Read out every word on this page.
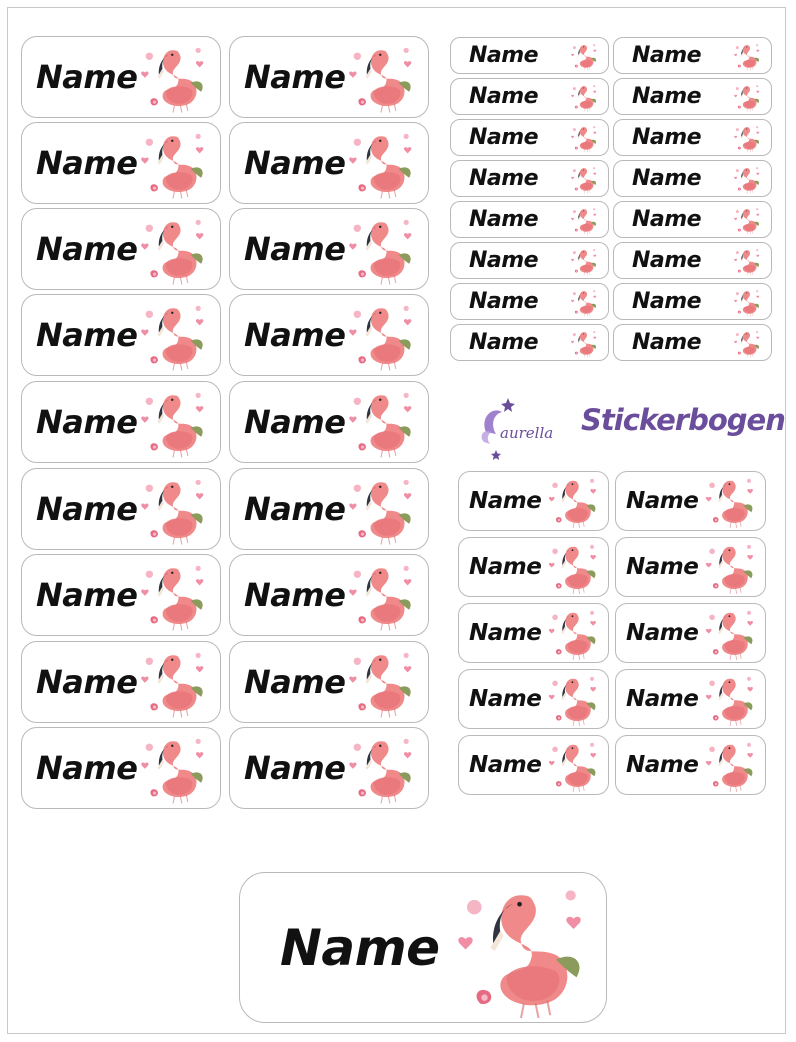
aurella Stickerbogen
Name	Name
Name	Name
Name	Name
Name	Name
Name	Name
Name	Name
Name	Name
Name	Name
Name	Name
Name	Name
Name	Name
Name	Name
Name	Name
Name	Name
Name	Name
Name	Name
Name	Name
Name	Name
Name	Name
Name	Name
Name	Name
Name	Name
Name
